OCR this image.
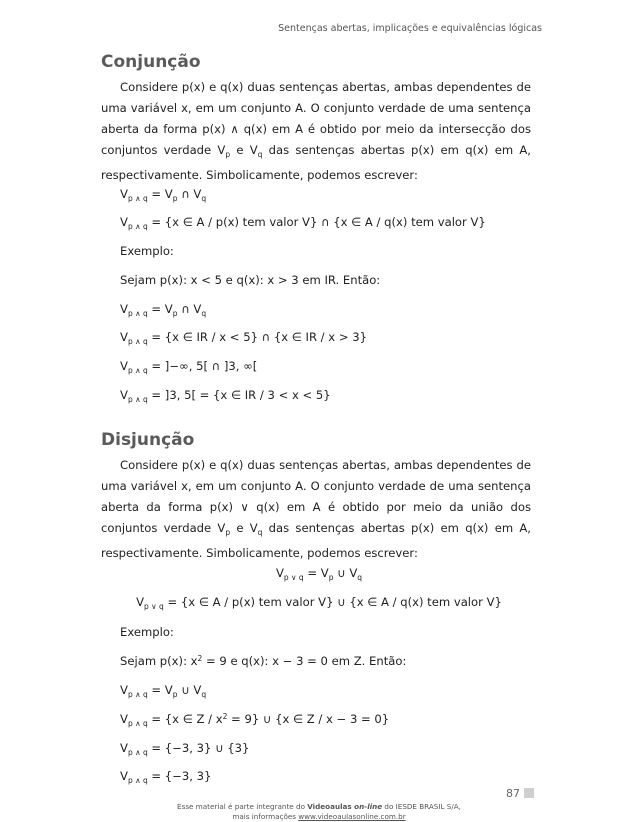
Sentenças abertas, implicações e equivalências lógicas
Conjunção

Considere p(x) e q(x) duas sentenças abertas, ambas dependentes de uma variável x, em um conjunto A. O conjunto verdade de uma sentença aberta da forma p(x) ∧ q(x) em A é obtido por meio da intersecção dos conjuntos verdade $V_p$ e $V_q$ das sentenças abertas p(x) em q(x) em A, respectivamente. Simbolicamente, podemos escrever:

$V_{p \wedge q} = V_p$ ∩ $V_q$
$V_{p \wedge q} = \{x$ ∈ A / p(x) tem valor V} ∩ {x ∈ A / q(x) tem valor V}
Exemplo:
Sejam p(x): x < 5 e q(x): x > 3 em IR. Então:
$V_{p \wedge q} = V_p$ ∩ $V_q$
$V_{p \wedge q} = \{x$ ∈ IR / x < 5} ∩ {x ∈ IR / x > 3}
$V_{p \wedge q}$ = ]−∞, 5[ ∩ ]3, ∞[
$V_{p \wedge q} = ]3$, 5[ = {x ∈ IR / 3 < x < 5}
Disjunção

Considere p(x) e q(x) duas sentenças abertas, ambas dependentes de uma variável x, em um conjunto A. O conjunto verdade de uma sentença aberta da forma p(x) ∨ q(x) em A é obtido por meio da união dos conjuntos verdade $V_p$ e $V_q$ das sentenças abertas p(x) em q(x) em A, respectivamente. Simbolicamente, podemos escrever:

$V_{p \vee q} = V_p$ ∪ $V_q$
$V_{p \vee q} = \{x$ ∈ A / p(x) tem valor V} ∪ {x ∈ A / q(x) tem valor V}
Exemplo:
Sejam p(x): $x^2 = 9$ e q(x): x − 3 = 0 em Z. Então:
$V_{p \wedge q} = V_p$ ∪ $V_q$
$V_{p \wedge q} = \{x$ ∈ $Z / x^2 = 9$} ∪ {x ∈ Z / x − 3 = 0}
$V_{p \wedge q} = \{-3$, 3} ∪ {3}
$V_{p \wedge q} = \{-3$, 3}
87
Esse material é parte integrante do Videoaulas on-line do IESDE BRASIL S/A,
mais informações www.videoaulasonline.com.br
